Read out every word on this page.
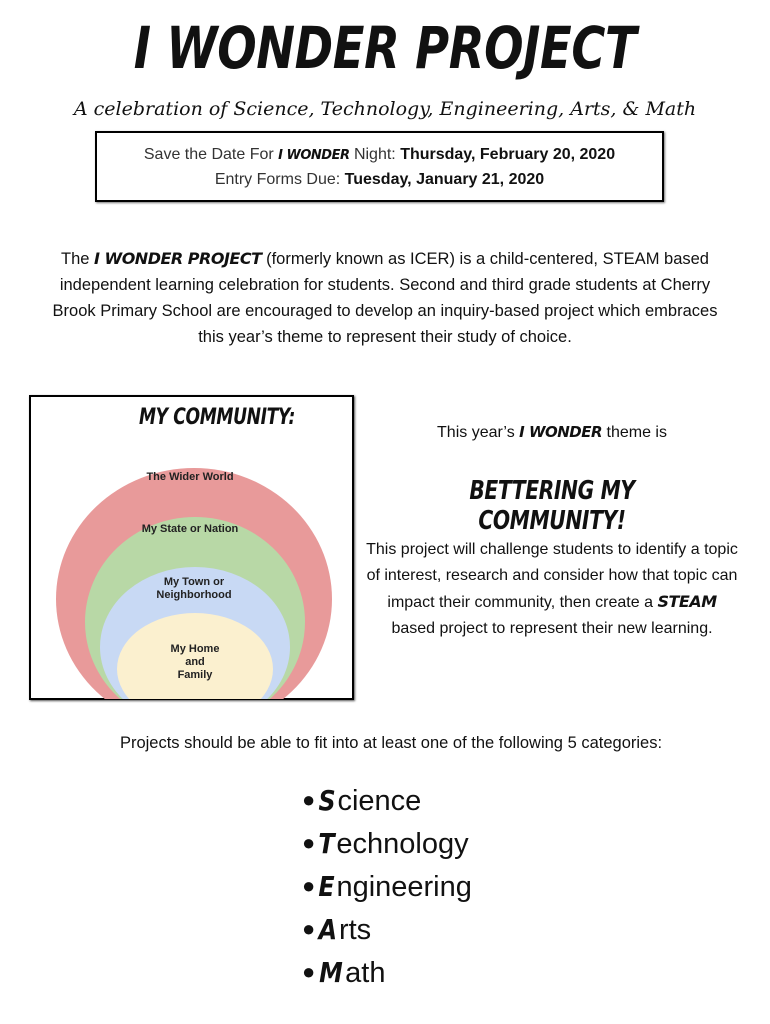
I WONDER PROJECT
A celebration of Science, Technology, Engineering, Arts, & Math
Save the Date For I WONDER Night: Thursday, February 20, 2020
Entry Forms Due: Tuesday, January 21, 2020
The I WONDER PROJECT (formerly known as ICER) is a child-centered, STEAM based independent learning celebration for students. Second and third grade students at Cherry Brook Primary School are encouraged to develop an inquiry-based project which embraces this year’s theme to represent their study of choice.
MY COMMUNITY:
The Wider World
My State or Nation
My Town or
Neighborhood
My Home
and
Family
This year’s I WONDER theme is
BETTERING MY COMMUNITY!
This project will challenge students to identify a topic of interest, research and consider how that topic can impact their community, then create a STEAM based project to represent their new learning.
Projects should be able to fit into at least one of the following 5 categories:
● Science
● Technology
● Engineering
● Arts
● Math
